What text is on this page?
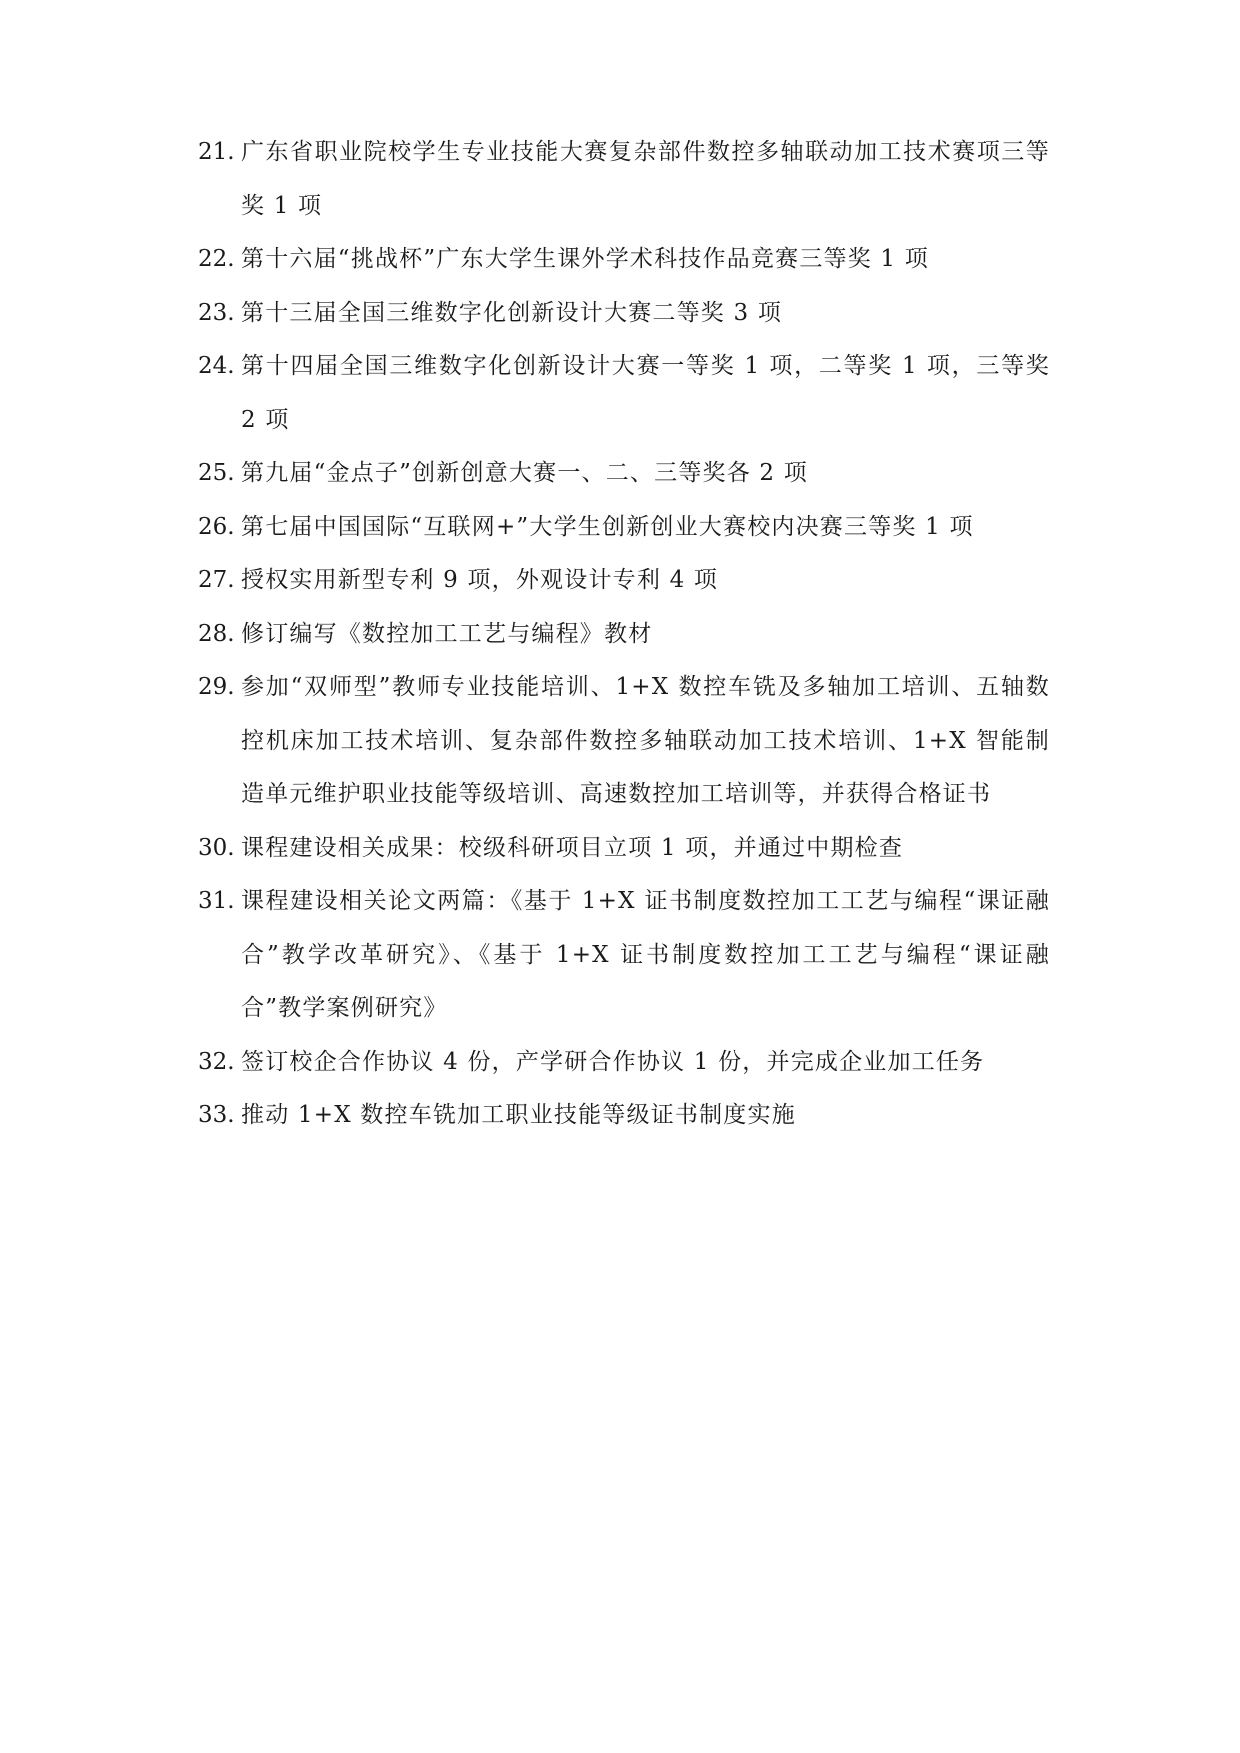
21. 广东省职业院校学生专业技能大赛复杂部件数控多轴联动加工技术赛项三等奖 1 项
22. 第十六届“挑战杯”广东大学生课外学术科技作品竞赛三等奖 1 项
23. 第十三届全国三维数字化创新设计大赛二等奖 3 项
24. 第十四届全国三维数字化创新设计大赛一等奖 1 项，二等奖 1 项，三等奖 2 项
25. 第九届“金点子”创新创意大赛一、二、三等奖各 2 项
26. 第七届中国国际“互联网+”大学生创新创业大赛校内决赛三等奖 1 项
27. 授权实用新型专利 9 项，外观设计专利 4 项
28. 修订编写《数控加工工艺与编程》教材
29. 参加“双师型”教师专业技能培训、1+X 数控车铣及多轴加工培训、五轴数控机床加工技术培训、复杂部件数控多轴联动加工技术培训、1+X 智能制造单元维护职业技能等级培训、高速数控加工培训等，并获得合格证书
30. 课程建设相关成果：校级科研项目立项 1 项，并通过中期检查
31. 课程建设相关论文两篇：《基于 1+X 证书制度数控加工工艺与编程“课证融合”教学改革研究》、《基于 1+X 证书制度数控加工工艺与编程“课证融合”教学案例研究》
32. 签订校企合作协议 4 份，产学研合作协议 1 份，并完成企业加工任务
33. 推动 1+X 数控车铣加工职业技能等级证书制度实施
